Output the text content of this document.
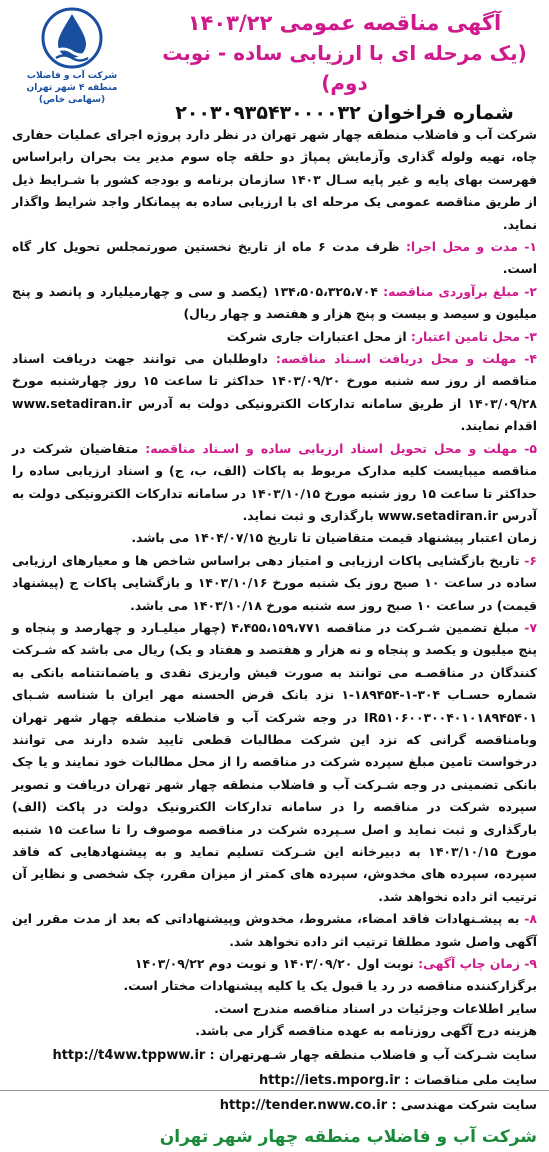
آگهی مناقصه عمومی ۱۴۰۳/۲۲
(یک مرحله ای با ارزیابی ساده - نوبت دوم)
شماره فراخوان ۲۰۰۳۰۹۳۵۴۳۰۰۰۰۳۲
شرکت آب و فاضلاب
منطقه ۴ شهر تهران
(سهامی خاص)

شرکت آب و فاضلاب منطقه چهار شهر تهران در نظر دارد پروژه اجرای عملیات حفاری چاه، تهیه ولوله گذاری وآزمایش پمپاژ دو حلقه چاه سوم مدیر یت بحران رابراساس فهرست بهای پایه و غیر پایه سـال ۱۴۰۳ سازمان برنامه و بودجه کشور با شـرایط ذیل از طریق مناقصه عمومی یک مرحله ای با ارزیابی ساده به پیمانکار واجد شرایط واگذار نماید.

۱- مدت و محل اجرا: ظرف مدت ۶ ماه از تاریخ نخستین صورتمجلس تحویل کار گاه است.

۲- مبلغ برآوردی مناقصه: ۱۳۴،۵۰۵،۳۲۵،۷۰۴ (یکصد و سی و چهارمیلیارد و پانصد و پنج میلیون و سیصد و بیست و پنج هزار و هفتصد و چهار ریال)

۳- محل تامین اعتبار: از محل اعتبارات جاری شرکت

۴- مهلت و محل دریافت اسـناد مناقصه: داوطلبان می توانند جهت دریافت اسناد مناقصه از روز سه شنبه مورخ ۱۴۰۳/۰۹/۲۰ حداکثر تا ساعت ۱۵ روز چهارشنبه مورخ ۱۴۰۳/۰۹/۲۸ از طریق سامانه تدارکات الکترونیکی دولت به آدرس www.setadiran.ir اقدام نمایند.

۵- مهلت و محل تحویل اسناد ارزیابی ساده و اسـناد مناقصه: متقاضیان شرکت در مناقصه میبایست کلیه مدارک مربوط به پاکات (الف، ب، ج) و اسناد ارزیابی ساده را حداکثر تا ساعت ۱۵ روز شنبه مورخ ۱۴۰۳/۱۰/۱۵ در سامانه تدارکات الکترونیکی دولت به آدرس www.setadiran.ir بارگذاری و ثبت نماید.

زمان اعتبار پیشنهاد قیمت متقاضیان تا تاریخ ۱۴۰۴/۰۷/۱۵ می باشد.

۶- تاریخ بازگشایی پاکات ارزیابی و امتیاز دهی براساس شاخص ها و معیارهای ارزیابی ساده در ساعت ۱۰ صبح روز یک شنبه مورخ ۱۴۰۳/۱۰/۱۶ و بازگشایی پاکات ج (پیشنهاد قیمت) در ساعت ۱۰ صبح روز سه شنبه مورخ ۱۴۰۳/۱۰/۱۸ می باشد.

۷- مبلغ تضمین شـرکت در مناقصه ۴،۴۵۵،۱۵۹،۷۷۱ (چهار میلیـارد و چهارصد و پنجاه و پنج میلیون و یکصد و پنجاه و نه هزار و هفتصد و هفتاد و یک) ریال می باشد که شـرکت کنندگان در مناقصـه می توانند به صورت فیش واریزی نقدی و یاضمانتنامه بانکی به شماره حسـاب ۳۰۴-۱-۱۸۹۴۵۴-۱ نزد بانک قرض الحسنه مهر ایران با شناسه شـبای IR۵۱۰۶۰۰۳۰۰۴۰۱۰۱۸۹۴۵۴۰۱ در وجه شرکت آب و فاضلاب منطقه چهار شهر تهران وبامناقصه گرانی که نزد این شرکت مطالبات قطعی تایید شده دارند می توانند درخواست تامین مبلغ سپرده شرکت در مناقصه را از محل مطالبات خود نمایند و یا چک بانکی تضمینی در وجه شـرکت آب و فاضلاب منطقه چهار شهر تهران دریافت و تصویر سپرده شرکت در مناقصه را در سامانه تدارکات الکترونیک دولت در پاکت (الف) بارگذاری و ثبت نماید و اصل سـپرده شرکت در مناقصه موصوف را تا ساعت ۱۵ شنبه مورخ ۱۴۰۳/۱۰/۱۵ به دبیرخانه این شـرکت تسلیم نماید و به پیشنهادهایی که فاقد سپرده، سپرده های مخدوش، سپرده های کمتر از میزان مقرر، چک شخصی و نظایر آن ترتیب اثر داده نخواهد شد.

۸- به پیشـنهادات فاقد امضاء، مشروط، مخدوش وپیشنهاداتی که بعد از مدت مقرر این آگهی واصل شود مطلقا ترتیب اثر داده نخواهد شد.

۹- زمان چاپ آگهی: نوبت اول ۱۴۰۳/۰۹/۲۰ و نوبت دوم ۱۴۰۳/۰۹/۲۲

برگزارکننده مناقصه در رد یا قبول یک یا کلیه پیشنهادات مختار است.

سایر اطلاعات وجزئیات در اسناد مناقصه مندرج است.

هزینه درج آگهی روزنامه به عهده مناقصه گزار می باشد.

سایت شـرکت آب و فاضلاب منطقه چهار شـهرتهران : http://t4ww.tppww.ir
سایت ملی مناقصات : http://iets.mporg.ir
سایت شرکت مهندسی : http://tender.nww.co.ir
شرکت آب و فاضلاب منطقه چهار شهر تهران
